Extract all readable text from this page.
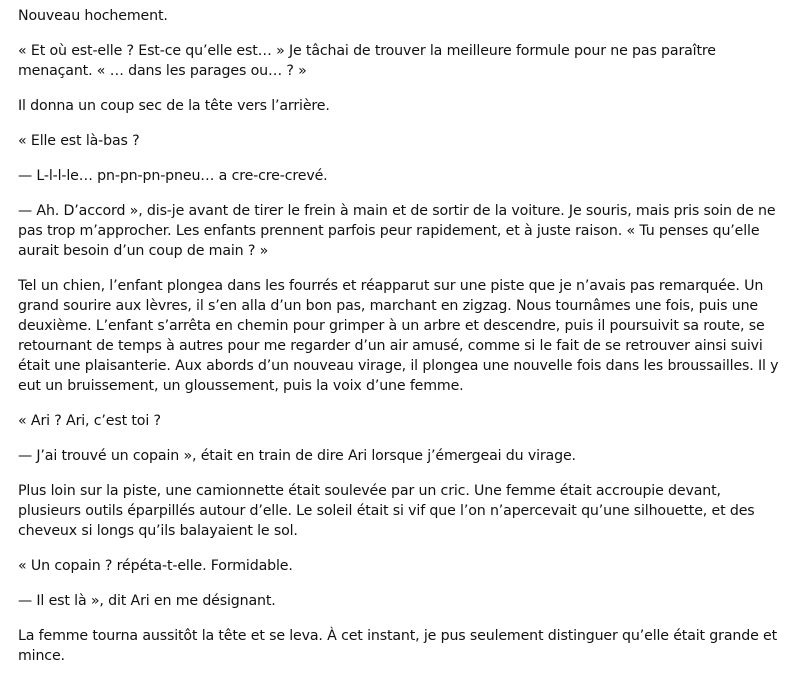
Nouveau hochement.

« Et où est-elle ? Est-ce qu’elle est… » Je tâchai de trouver la meilleure formule pour ne pas paraître menaçant. « … dans les parages ou… ? »

Il donna un coup sec de la tête vers l’arrière.

« Elle est là-bas ?

— L-l-l-le… pn-pn-pn-pneu… a cre-cre-crevé.

— Ah. D’accord », dis-je avant de tirer le frein à main et de sortir de la voiture. Je souris, mais pris soin de ne pas trop m’approcher. Les enfants prennent parfois peur rapidement, et à juste raison. « Tu penses qu’elle aurait besoin d’un coup de main ? »

Tel un chien, l’enfant plongea dans les fourrés et réapparut sur une piste que je n’avais pas remarquée. Un grand sourire aux lèvres, il s’en alla d’un bon pas, marchant en zigzag. Nous tournâmes une fois, puis une deuxième. L’enfant s’arrêta en chemin pour grimper à un arbre et descendre, puis il poursuivit sa route, se retournant de temps à autres pour me regarder d’un air amusé, comme si le fait de se retrouver ainsi suivi était une plaisanterie. Aux abords d’un nouveau virage, il plongea une nouvelle fois dans les broussailles. Il y eut un bruissement, un gloussement, puis la voix d’une femme.

« Ari ? Ari, c’est toi ?

— J’ai trouvé un copain », était en train de dire Ari lorsque j’émergeai du virage.

Plus loin sur la piste, une camionnette était soulevée par un cric. Une femme était accroupie devant, plusieurs outils éparpillés autour d’elle. Le soleil était si vif que l’on n’apercevait qu’une silhouette, et des cheveux si longs qu’ils balayaient le sol.

« Un copain ? répéta-t-elle. Formidable.

— Il est là », dit Ari en me désignant.

La femme tourna aussitôt la tête et se leva. À cet instant, je pus seulement distinguer qu’elle était grande et mince.
